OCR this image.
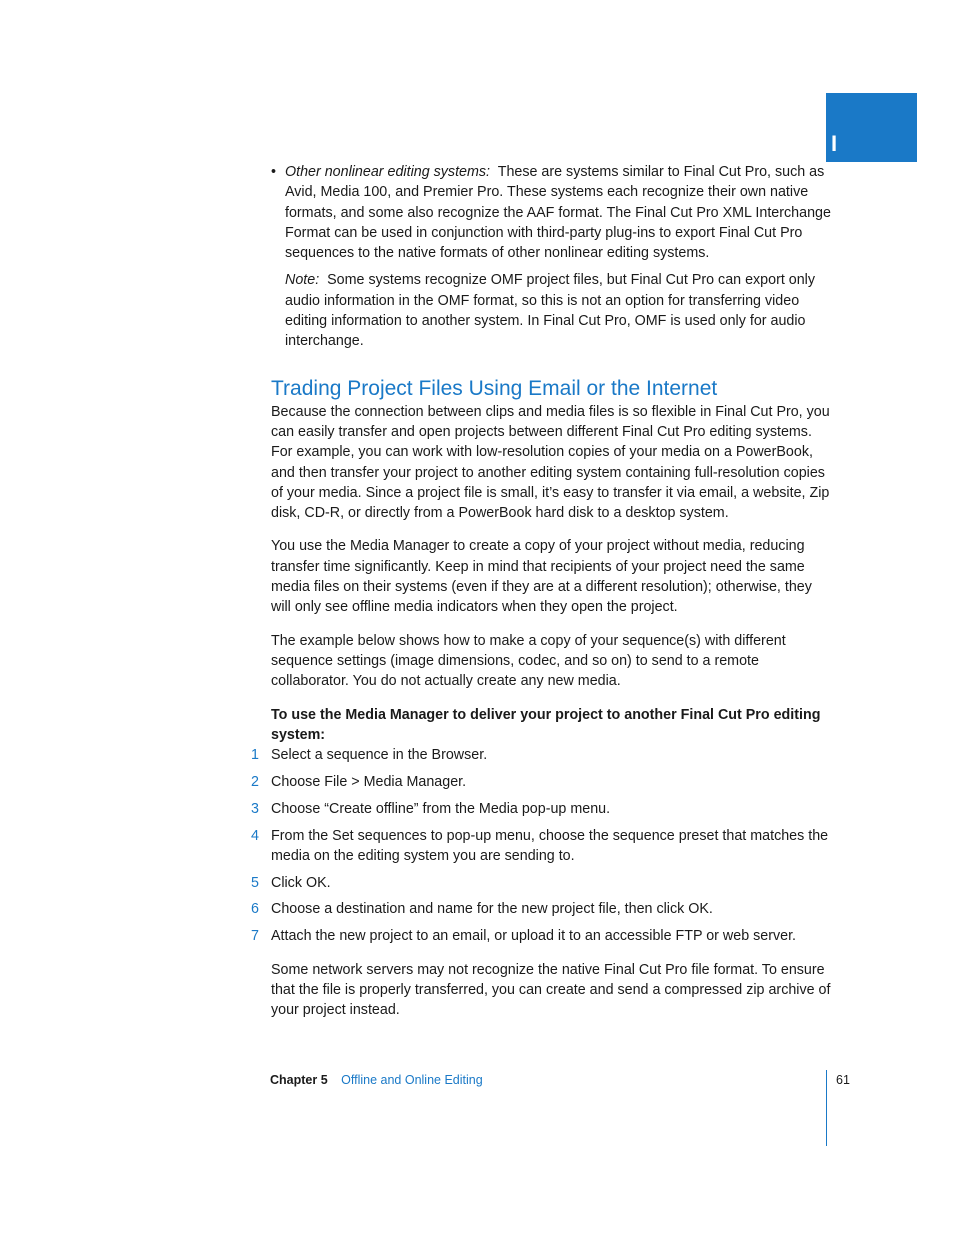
I
• Other nonlinear editing systems: These are systems similar to Final Cut Pro, such as Avid, Media 100, and Premier Pro. These systems each recognize their own native formats, and some also recognize the AAF format. The Final Cut Pro XML Interchange Format can be used in conjunction with third-party plug-ins to export Final Cut Pro sequences to the native formats of other nonlinear editing systems.
Note: Some systems recognize OMF project files, but Final Cut Pro can export only audio information in the OMF format, so this is not an option for transferring video editing information to another system. In Final Cut Pro, OMF is used only for audio interchange.
Trading Project Files Using Email or the Internet

Because the connection between clips and media files is so flexible in Final Cut Pro, you can easily transfer and open projects between different Final Cut Pro editing systems. For example, you can work with low-resolution copies of your media on a PowerBook, and then transfer your project to another editing system containing full-resolution copies of your media. Since a project file is small, it’s easy to transfer it via email, a website, Zip disk, CD-R, or directly from a PowerBook hard disk to a desktop system.

You use the Media Manager to create a copy of your project without media, reducing transfer time significantly. Keep in mind that recipients of your project need the same media files on their systems (even if they are at a different resolution); otherwise, they will only see offline media indicators when they open the project.

The example below shows how to make a copy of your sequence(s) with different sequence settings (image dimensions, codec, and so on) to send to a remote collaborator. You do not actually create any new media.

To use the Media Manager to deliver your project to another Final Cut Pro editing system:

1 Select a sequence in the Browser.
2 Choose File > Media Manager.
3 Choose “Create offline” from the Media pop-up menu.
4 From the Set sequences to pop-up menu, choose the sequence preset that matches the media on the editing system you are sending to.
5 Click OK.
6 Choose a destination and name for the new project file, then click OK.
7 Attach the new project to an email, or upload it to an accessible FTP or web server.

Some network servers may not recognize the native Final Cut Pro file format. To ensure that the file is properly transferred, you can create and send a compressed zip archive of your project instead.

Chapter 5 Offline and Online Editing	61
